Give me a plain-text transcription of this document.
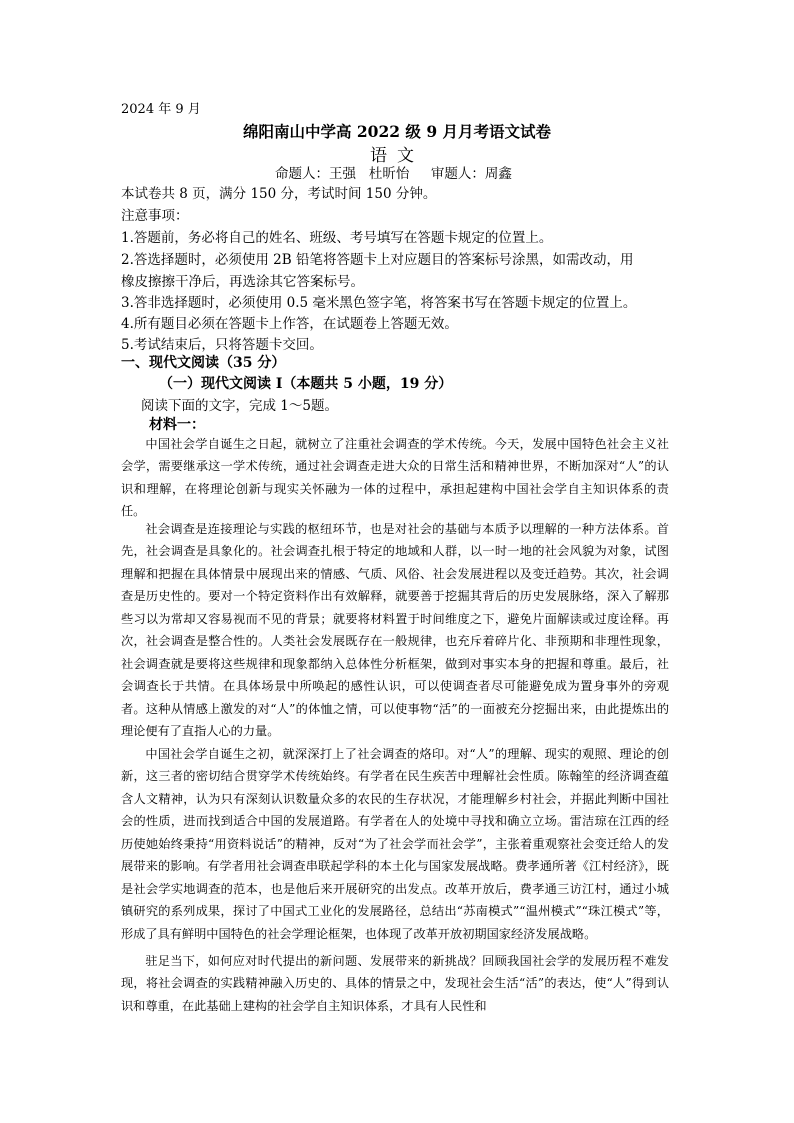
2024 年 9 月
绵阳南山中学高 2022 级 9 月月考语文试卷
语文
命题人：王强   杜昕怡     审题人：周鑫
本试卷共 8 页，满分 150 分，考试时间 150 分钟。
注意事项：
1.答题前，务必将自己的姓名、班级、考号填写在答题卡规定的位置上。
2.答选择题时，必须使用 2B 铅笔将答题卡上对应题目的答案标号涂黑，如需改动，用
橡皮擦擦干净后，再选涂其它答案标号。
3.答非选择题时，必须使用 0.5 毫米黑色签字笔，将答案书写在答题卡规定的位置上。
4.所有题目必须在答题卡上作答，在试题卷上答题无效。
5.考试结束后，只将答题卡交回。
一、现代文阅读（35 分）
（一）现代文阅读 I（本题共 5 小题，19 分）
阅读下面的文字，完成 1～5题。
材料一：
中国社会学自诞生之日起，就树立了注重社会调查的学术传统。今天，发展中国特色社会主义社会学，需要继承这一学术传统，通过社会调查走进大众的日常生活和精神世界，不断加深对“人”的认识和理解，在将理论创新与现实关怀融为一体的过程中，承担起建构中国社会学自主知识体系的责任。
社会调查是连接理论与实践的枢纽环节，也是对社会的基础与本质予以理解的一种方法体系。首先，社会调查是具象化的。社会调查扎根于特定的地域和人群，以一时一地的社会风貌为对象，试图理解和把握在具体情景中展现出来的情感、气质、风俗、社会发展进程以及变迁趋势。其次，社会调查是历史性的。要对一个特定资料作出有效解释，就要善于挖掘其背后的历史发展脉络，深入了解那些习以为常却又容易视而不见的背景；就要将材料置于时间维度之下，避免片面解读或过度诠释。再次，社会调查是整合性的。人类社会发展既存在一般规律，也充斥着碎片化、非预期和非理性现象，社会调查就是要将这些规律和现象都纳入总体性分析框架，做到对事实本身的把握和尊重。最后，社会调查长于共情。在具体场景中所唤起的感性认识，可以使调查者尽可能避免成为置身事外的旁观者。这种从情感上激发的对“人”的体恤之情，可以使事物“活”的一面被充分挖掘出来，由此提炼出的理论便有了直指人心的力量。
中国社会学自诞生之初，就深深打上了社会调查的烙印。对“人”的理解、现实的观照、理论的创新，这三者的密切结合贯穿学术传统始终。有学者在民生疾苦中理解社会性质。陈翰笙的经济调查蕴含人文精神，认为只有深刻认识数量众多的农民的生存状况，才能理解乡村社会，并据此判断中国社会的性质，进而找到适合中国的发展道路。有学者在人的处境中寻找和确立立场。雷洁琼在江西的经历使她始终秉持“用资料说话”的精神，反对“为了社会学而社会学”，主张着重观察社会变迁给人的发展带来的影响。有学者用社会调查串联起学科的本土化与国家发展战略。费孝通所著《江村经济》，既是社会学实地调查的范本，也是他后来开展研究的出发点。改革开放后，费孝通三访江村，通过小城镇研究的系列成果，探讨了中国式工业化的发展路径，总结出“苏南模式”“温州模式”“珠江模式”等，形成了具有鲜明中国特色的社会学理论框架，也体现了改革开放初期国家经济发展战略。
驻足当下，如何应对时代提出的新问题、发展带来的新挑战？回顾我国社会学的发展历程不难发现，将社会调查的实践精神融入历史的、具体的情景之中，发现社会生活“活”的表达，使“人”得到认识和尊重，在此基础上建构的社会学自主知识体系，才具有人民性和
